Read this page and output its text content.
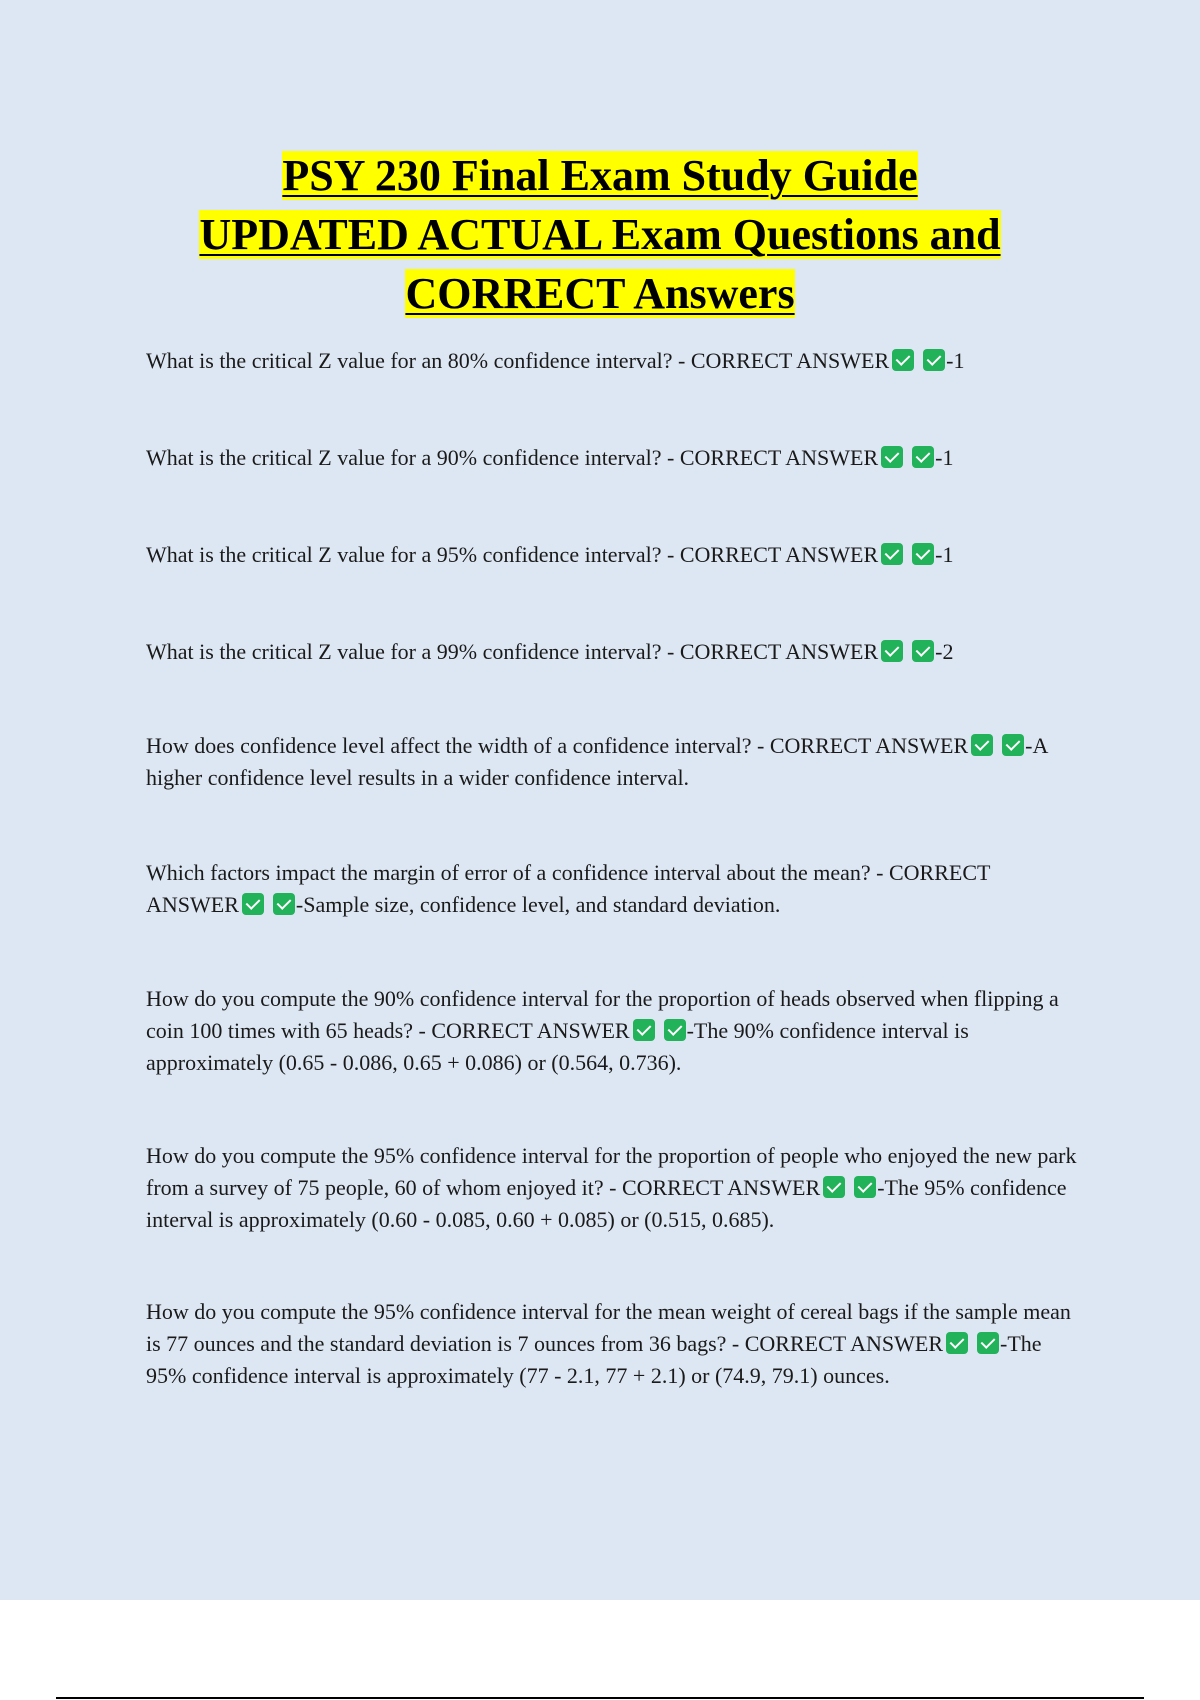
PSY 230 Final Exam Study Guide
UPDATED ACTUAL Exam Questions and
CORRECT Answers

What is the critical Z value for an 80% confidence interval? - CORRECT ANSWER	-1

What is the critical Z value for a 90% confidence interval? - CORRECT ANSWER	-1

What is the critical Z value for a 95% confidence interval? - CORRECT ANSWER	-1

What is the critical Z value for a 99% confidence interval? - CORRECT ANSWER	-2

How does confidence level affect the width of a confidence interval? - CORRECT ANSWER	-A higher confidence level results in a wider confidence interval.

Which factors impact the margin of error of a confidence interval about the mean? - CORRECT ANSWER	-Sample size, confidence level, and standard deviation.

How do you compute the 90% confidence interval for the proportion of heads observed when flipping a coin 100 times with 65 heads? - CORRECT ANSWER	-The 90% confidence interval is approximately (0.65 - 0.086, 0.65 + 0.086) or (0.564, 0.736).

How do you compute the 95% confidence interval for the proportion of people who enjoyed the new park from a survey of 75 people, 60 of whom enjoyed it? - CORRECT ANSWER	-The 95% confidence interval is approximately (0.60 - 0.085, 0.60 + 0.085) or (0.515, 0.685).

How do you compute the 95% confidence interval for the mean weight of cereal bags if the sample mean is 77 ounces and the standard deviation is 7 ounces from 36 bags? - CORRECT ANSWER	-The 95% confidence interval is approximately (77 - 2.1, 77 + 2.1) or (74.9, 79.1) ounces.
